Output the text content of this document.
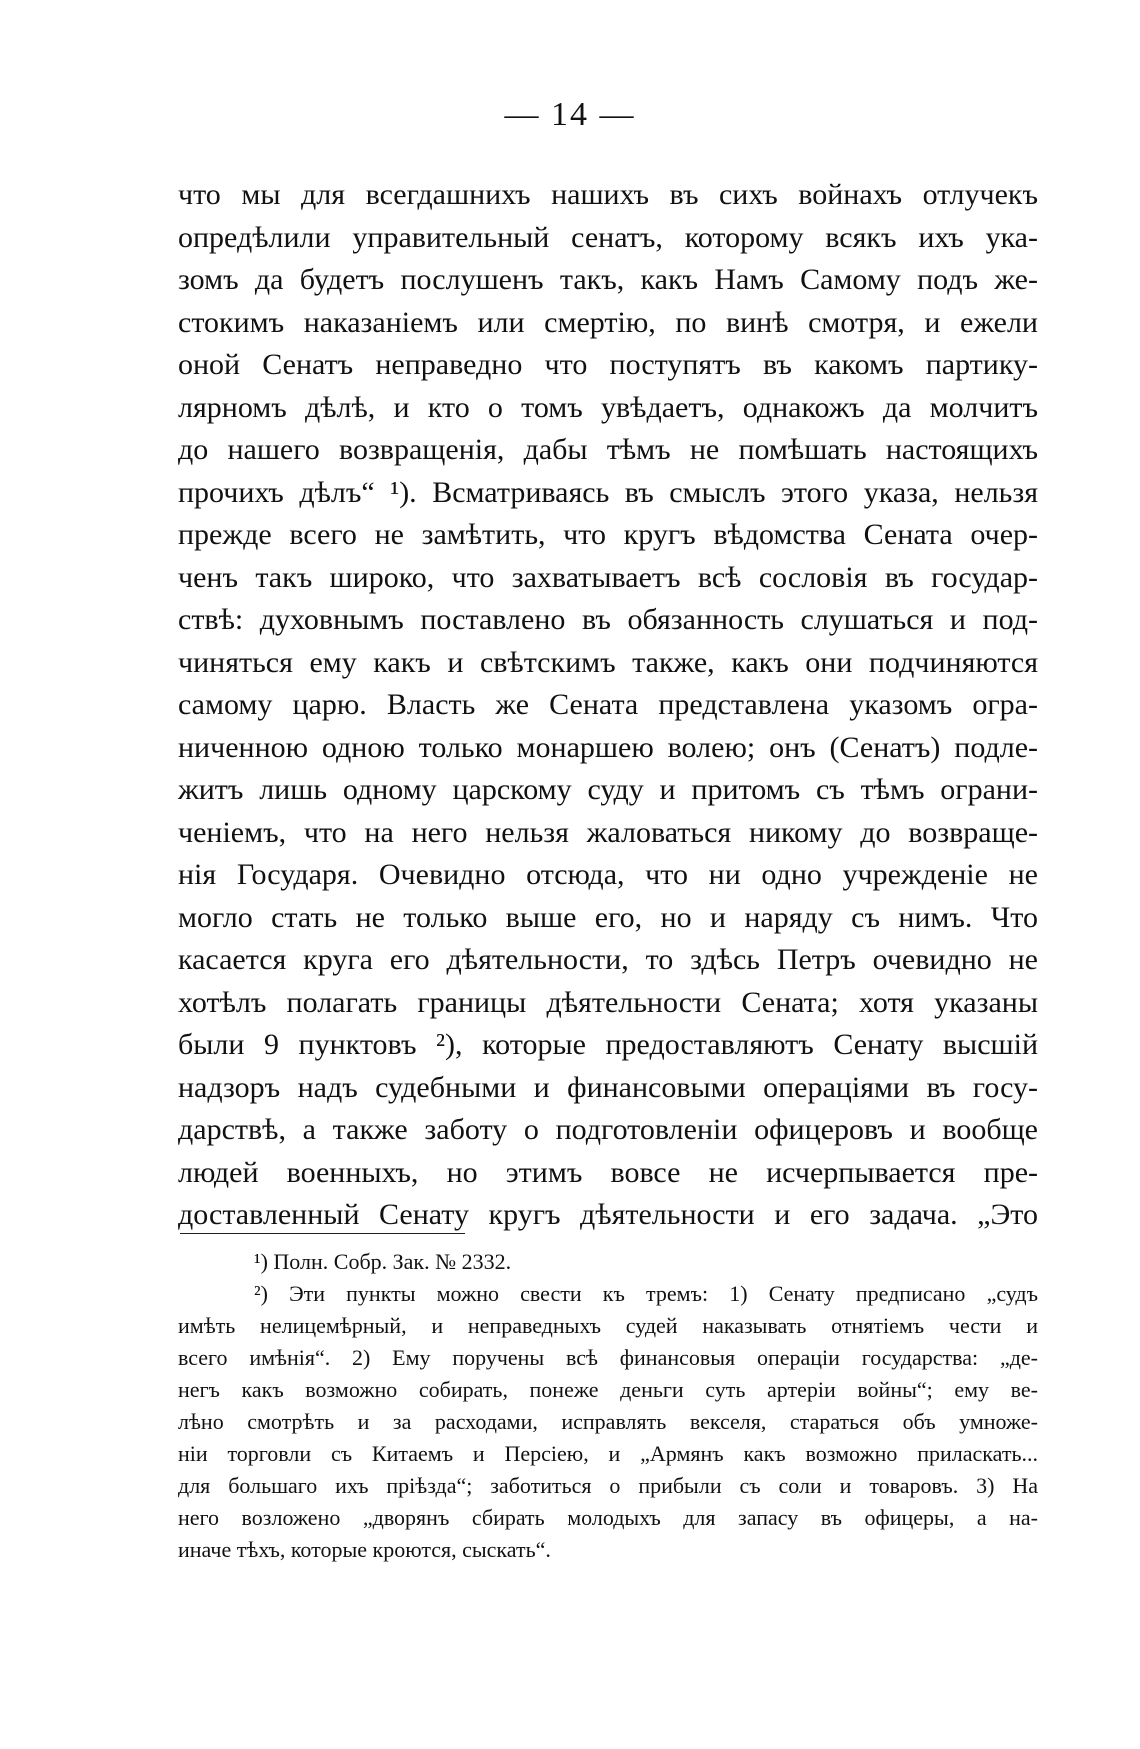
— 14 —
что мы для всегдашнихъ нашихъ въ сихъ войнахъ отлучекъ
опредѣлили управительный сенатъ, которому всякъ ихъ ука-
зомъ да будетъ послушенъ такъ, какъ Намъ Самому подъ же-
стокимъ наказаніемъ или смертію, по винѣ смотря, и ежели
оной Сенатъ неправедно что поступятъ въ какомъ партику-
лярномъ дѣлѣ, и кто о томъ увѣдаетъ, однакожъ да молчитъ
до нашего возвращенія, дабы тѣмъ не помѣшать настоящихъ
прочихъ дѣлъ“ ¹). Всматриваясь въ смыслъ этого указа, нельзя
прежде всего не замѣтить, что кругъ вѣдомства Сената очер-
ченъ такъ широко, что захватываетъ всѣ сословія въ государ-
ствѣ: духовнымъ поставлено въ обязанность слушаться и под-
чиняться ему какъ и свѣтскимъ также, какъ они подчиняются
самому царю. Власть же Сената представлена указомъ огра-
ниченною одною только монаршею волею; онъ (Сенатъ) подле-
житъ лишь одному царскому суду и притомъ съ тѣмъ ограни-
ченіемъ, что на него нельзя жаловаться никому до возвраще-
нія Государя. Очевидно отсюда, что ни одно учрежденіе не
могло стать не только выше его, но и наряду съ нимъ. Что
касается круга его дѣятельности, то здѣсь Петръ очевидно не
хотѣлъ полагать границы дѣятельности Сената; хотя указаны
были 9 пунктовъ ²), которые предоставляютъ Сенату высшій
надзоръ надъ судебными и финансовыми операціями въ госу-
дарствѣ, а также заботу о подготовленіи офицеровъ и вообще
людей военныхъ, но этимъ вовсе не исчерпывается пре-
доставленный Сенату кругъ дѣятельности и его задача. „Это
¹) Полн. Собр. Зак. № 2332.
²) Эти пункты можно свести къ тремъ: 1) Сенату предписано „судъ
имѣть нелицемѣрный, и неправедныхъ судей наказывать отнятіемъ чести и
всего имѣнія“. 2) Ему поручены всѣ финансовыя операціи государства: „де-
негъ какъ возможно собирать, понеже деньги суть артеріи войны“; ему ве-
лѣно смотрѣть и за расходами, исправлять векселя, стараться объ умноже-
ніи торговли съ Китаемъ и Персіею, и „Армянъ какъ возможно приласкать...
для большаго ихъ пріѣзда“; заботиться о прибыли съ соли и товаровъ. 3) На
него возложено „дворянъ сбирать молодыхъ для запасу въ офицеры, а на-
иначе тѣхъ, которые кроются, сыскать“.
